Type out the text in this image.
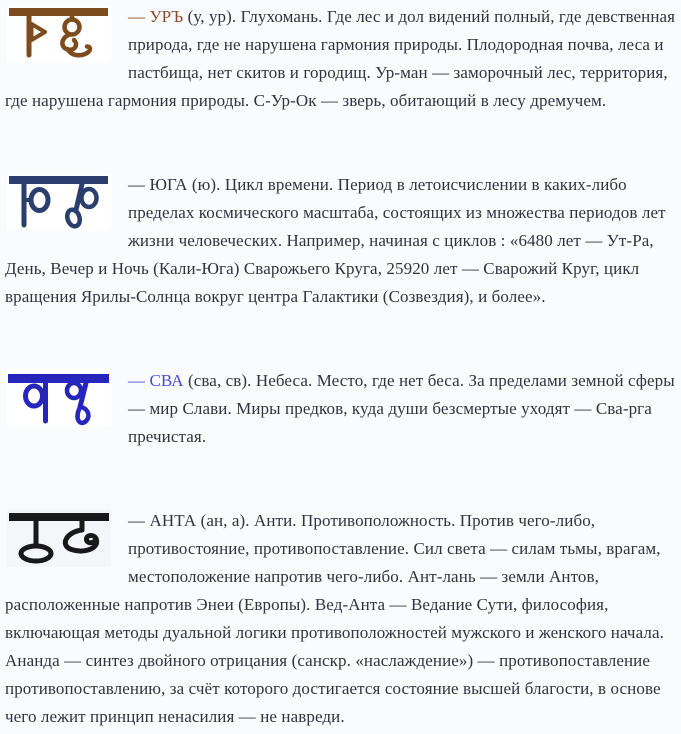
— УРЪ (у, ур). Глухомань. Где лес и дол видений полный, где девственная природа, где не нарушена гармония природы. Плодородная почва, леса и пастбища, нет скитов и городищ. Ур-ман — заморочный лес, территория, где нарушена гармония природы. С-Ур-Ок — зверь, обитающий в лесу дремучем.

— ЮГА (ю). Цикл времени. Период в летоисчислении в каких-либо пределах космического масштаба, состоящих из множества периодов лет жизни человеческих. Например, начиная с циклов : «6480 лет — Ут-Ра, День, Вечер и Ночь (Кали-Юга) Сварожьего Круга, 25920 лет — Сварожий Круг, цикл вращения Ярилы-Солнца вокруг центра Галактики (Созвездия), и более».

— СВА (сва, св). Небеса. Место, где нет беса. За пределами земной сферы — мир Слави. Миры предков, куда души безсмертые уходят — Сва-рга пречистая.

— АНТА (ан, а). Анти. Противоположность. Против чего-либо, противостояние, противопоставление. Сил света — силам тьмы, врагам, местоположение напротив чего-либо. Ант-лань — земли Антов, расположенные напротив Энеи (Европы). Вед-Анта — Ведание Сути, философия, включающая методы дуальной логики противоположностей мужского и женского начала.
Ананда — синтез двойного отрицания (санскр. «наслаждение») — противопоставление противопоставлению, за счёт которого достигается состояние высшей благости, в основе чего лежит принцип ненасилия — не навреди.
